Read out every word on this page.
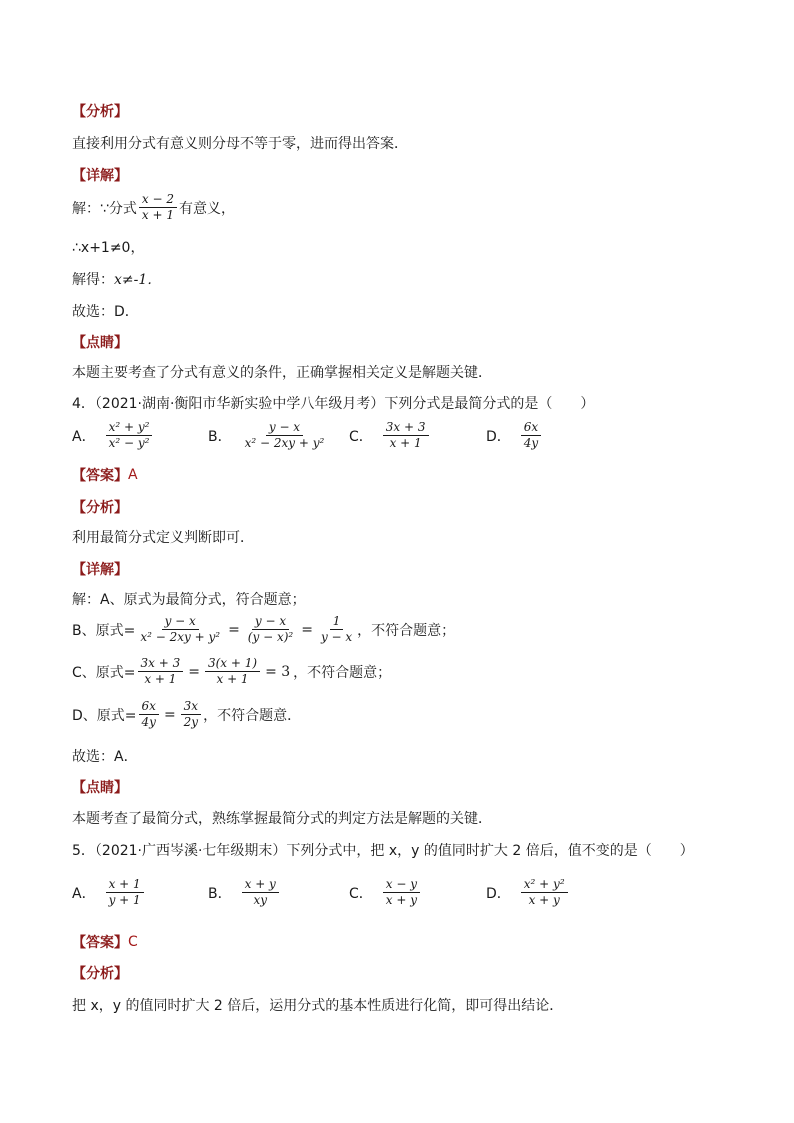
【分析】
直接利用分式有意义则分母不等于零，进而得出答案．
【详解】
解：∵分式 $\frac{x - 2}{x + 1}$ 有意义，
∴x+1≠0，
解得： x≠-1．
故选：D．
【点睛】
本题主要考查了分式有意义的条件，正确掌握相关定义是解题关键．
4．（2021·湖南·衡阳市华新实验中学八年级月考）下列分式是最简分式的是（　　）
A． $\frac{\text{x² + y²}}{\text{x² − y²}}$	B． $\frac{y - x}{\text{x² − 2xy + y²}}$ C． $\frac{3x + 3}{x + 1}$	D． $\frac{6x}{4y}$
【答案】 A
【分析】
利用最简分式定义判断即可．
【详解】
解：A、原式为最简分式，符合题意；
B、原式= $\frac{y - x}{\text{x² − 2xy + y²}} = \frac{y - x}{\text{(y − x)²}} = \frac{1}{y - x}$ ，不符合题意；
C、原式= $\frac{3x + 3}{x + 1} = \frac{3(x + 1)}{x + 1} = 3$ ，不符合题意；
D、原式= $\frac{6x}{4y} = \frac{3x}{2y}$ ，不符合题意．
故选：A．
【点睛】
本题考查了最简分式，熟练掌握最简分式的判定方法是解题的关键．
5．（2021·广西岑溪·七年级期末）下列分式中，把 x，y 的值同时扩大 2 倍后，值不变的是（　　）
A． $\frac{x + 1}{y + 1}$	B． $\frac{x + y}{xy}$	C． $\frac{x - y}{x + y}$	D． $\frac{\text{x² + y²}}{x + y}$
【答案】 C
【分析】
把 x，y 的值同时扩大 2 倍后，运用分式的基本性质进行化简，即可得出结论．
